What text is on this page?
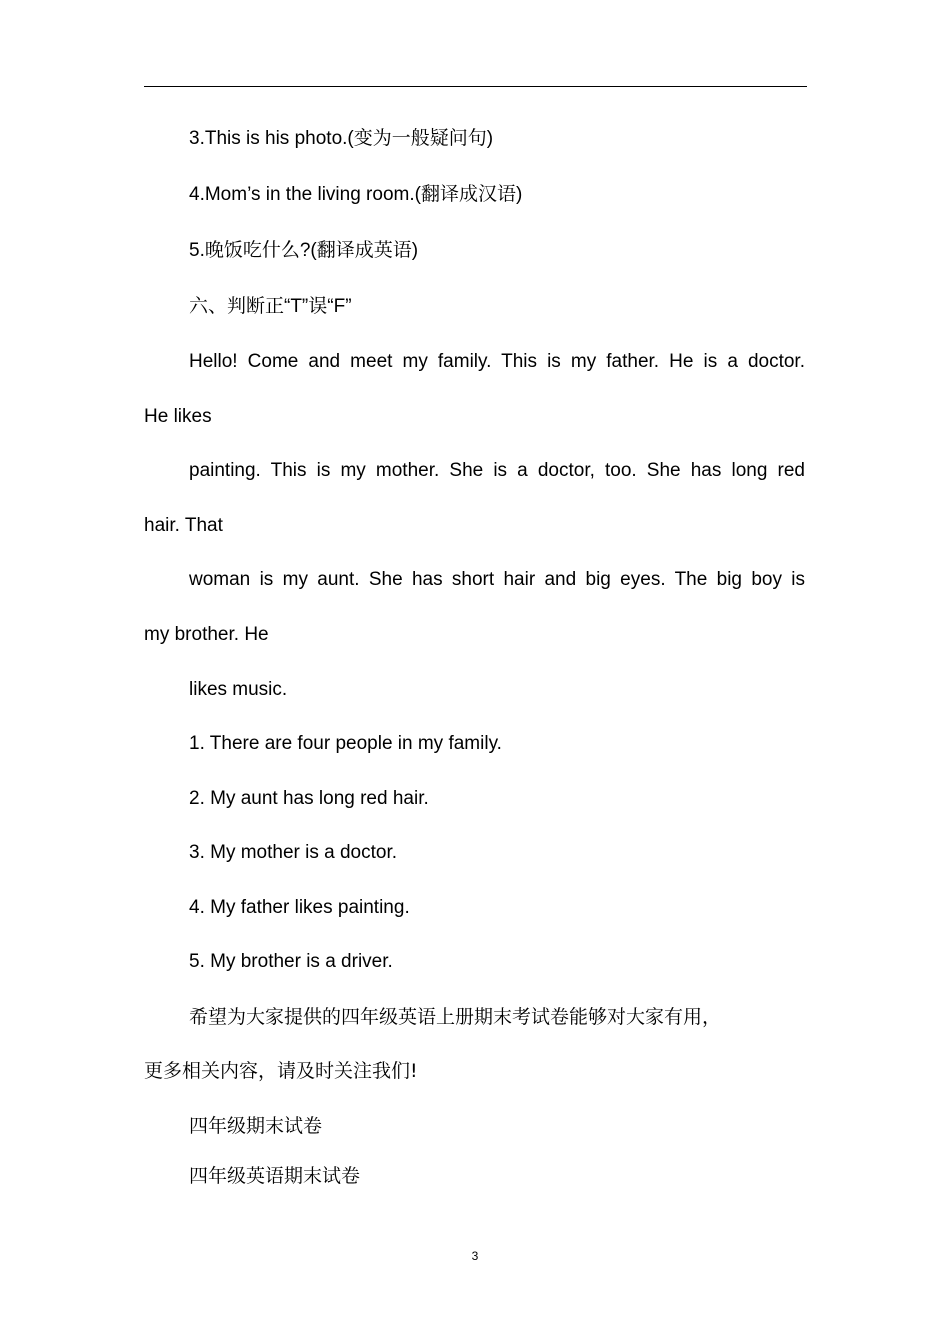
3.This is his photo.(变为一般疑问句)
4.Mom’s in the living room.(翻译成汉语)
5.晚饭吃什么?(翻译成英语)
六、判断正“T”误“F”
Hello! Come and meet my family. This is my father. He is a doctor.
He likes
painting. This is my mother. She is a doctor, too. She has long red
hair. That
woman is my aunt. She has short hair and big eyes. The big boy is
my brother. He
likes music.
1. There are four people in my family.
2. My aunt has long red hair.
3. My mother is a doctor.
4. My father likes painting.
5. My brother is a driver.
希望为大家提供的四年级英语上册期末考试卷能够对大家有用，
更多相关内容，请及时关注我们!
四年级期末试卷
四年级英语期末试卷
3
